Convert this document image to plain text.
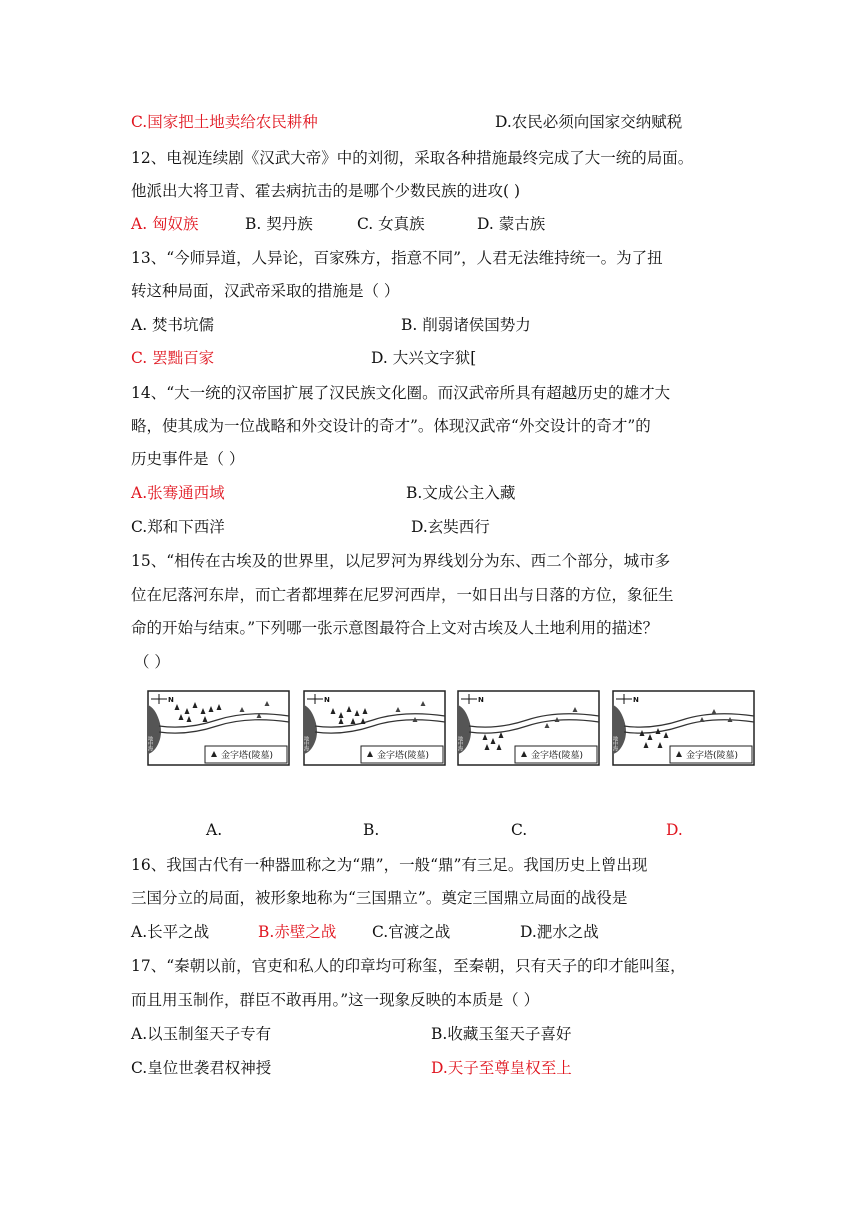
C.国家把土地卖给农民耕种	D.农民必须向国家交纳赋税
12、电视连续剧《汉武大帝》中的刘彻，采取各种措施最终完成了大一统的局面。
他派出大将卫青、霍去病抗击的是哪个少数民族的进攻( )
A. 匈奴族	B. 契丹族	C. 女真族	D. 蒙古族
13、“今师异道，人异论，百家殊方，指意不同”，人君无法维持统一。为了扭
转这种局面，汉武帝采取的措施是（ ）
A. 焚书坑儒	B. 削弱诸侯国势力
C. 罢黜百家	D. 大兴文字狱[
14、“大一统的汉帝国扩展了汉民族文化圈。而汉武帝所具有超越历史的雄才大
略，使其成为一位战略和外交设计的奇才”。体现汉武帝“外交设计的奇才”的
历史事件是（ ）
A.张骞通西域	B.文成公主入藏
C.郑和下西洋	D.玄奘西行
15、“相传在古埃及的世界里，以尼罗河为界线划分为东、西二个部分，城市多
位在尼落河东岸，而亡者都埋葬在尼罗河西岸，一如日出与日落的方位，象征生
命的开始与结束。”下列哪一张示意图最符合上文对古埃及人土地利用的描述？
（ ）
金字塔(陵墓)
N
地中海
金字塔(陵墓)
N
地中海
金字塔(陵墓)
N
地中海
金字塔(陵墓)
N
地中海
A.	B.	C.	D.
16、我国古代有一种器皿称之为“鼎”，一般“鼎”有三足。我国历史上曾出现
三国分立的局面，被形象地称为“三国鼎立”。奠定三国鼎立局面的战役是
A.长平之战	B.赤壁之战 C.官渡之战	D.淝水之战
17、“秦朝以前，官吏和私人的印章均可称玺，至秦朝，只有天子的印才能叫玺，
而且用玉制作，群臣不敢再用。”这一现象反映的本质是（ ）
A.以玉制玺天子专有	B.收藏玉玺天子喜好
C.皇位世袭君权神授	D.天子至尊皇权至上
